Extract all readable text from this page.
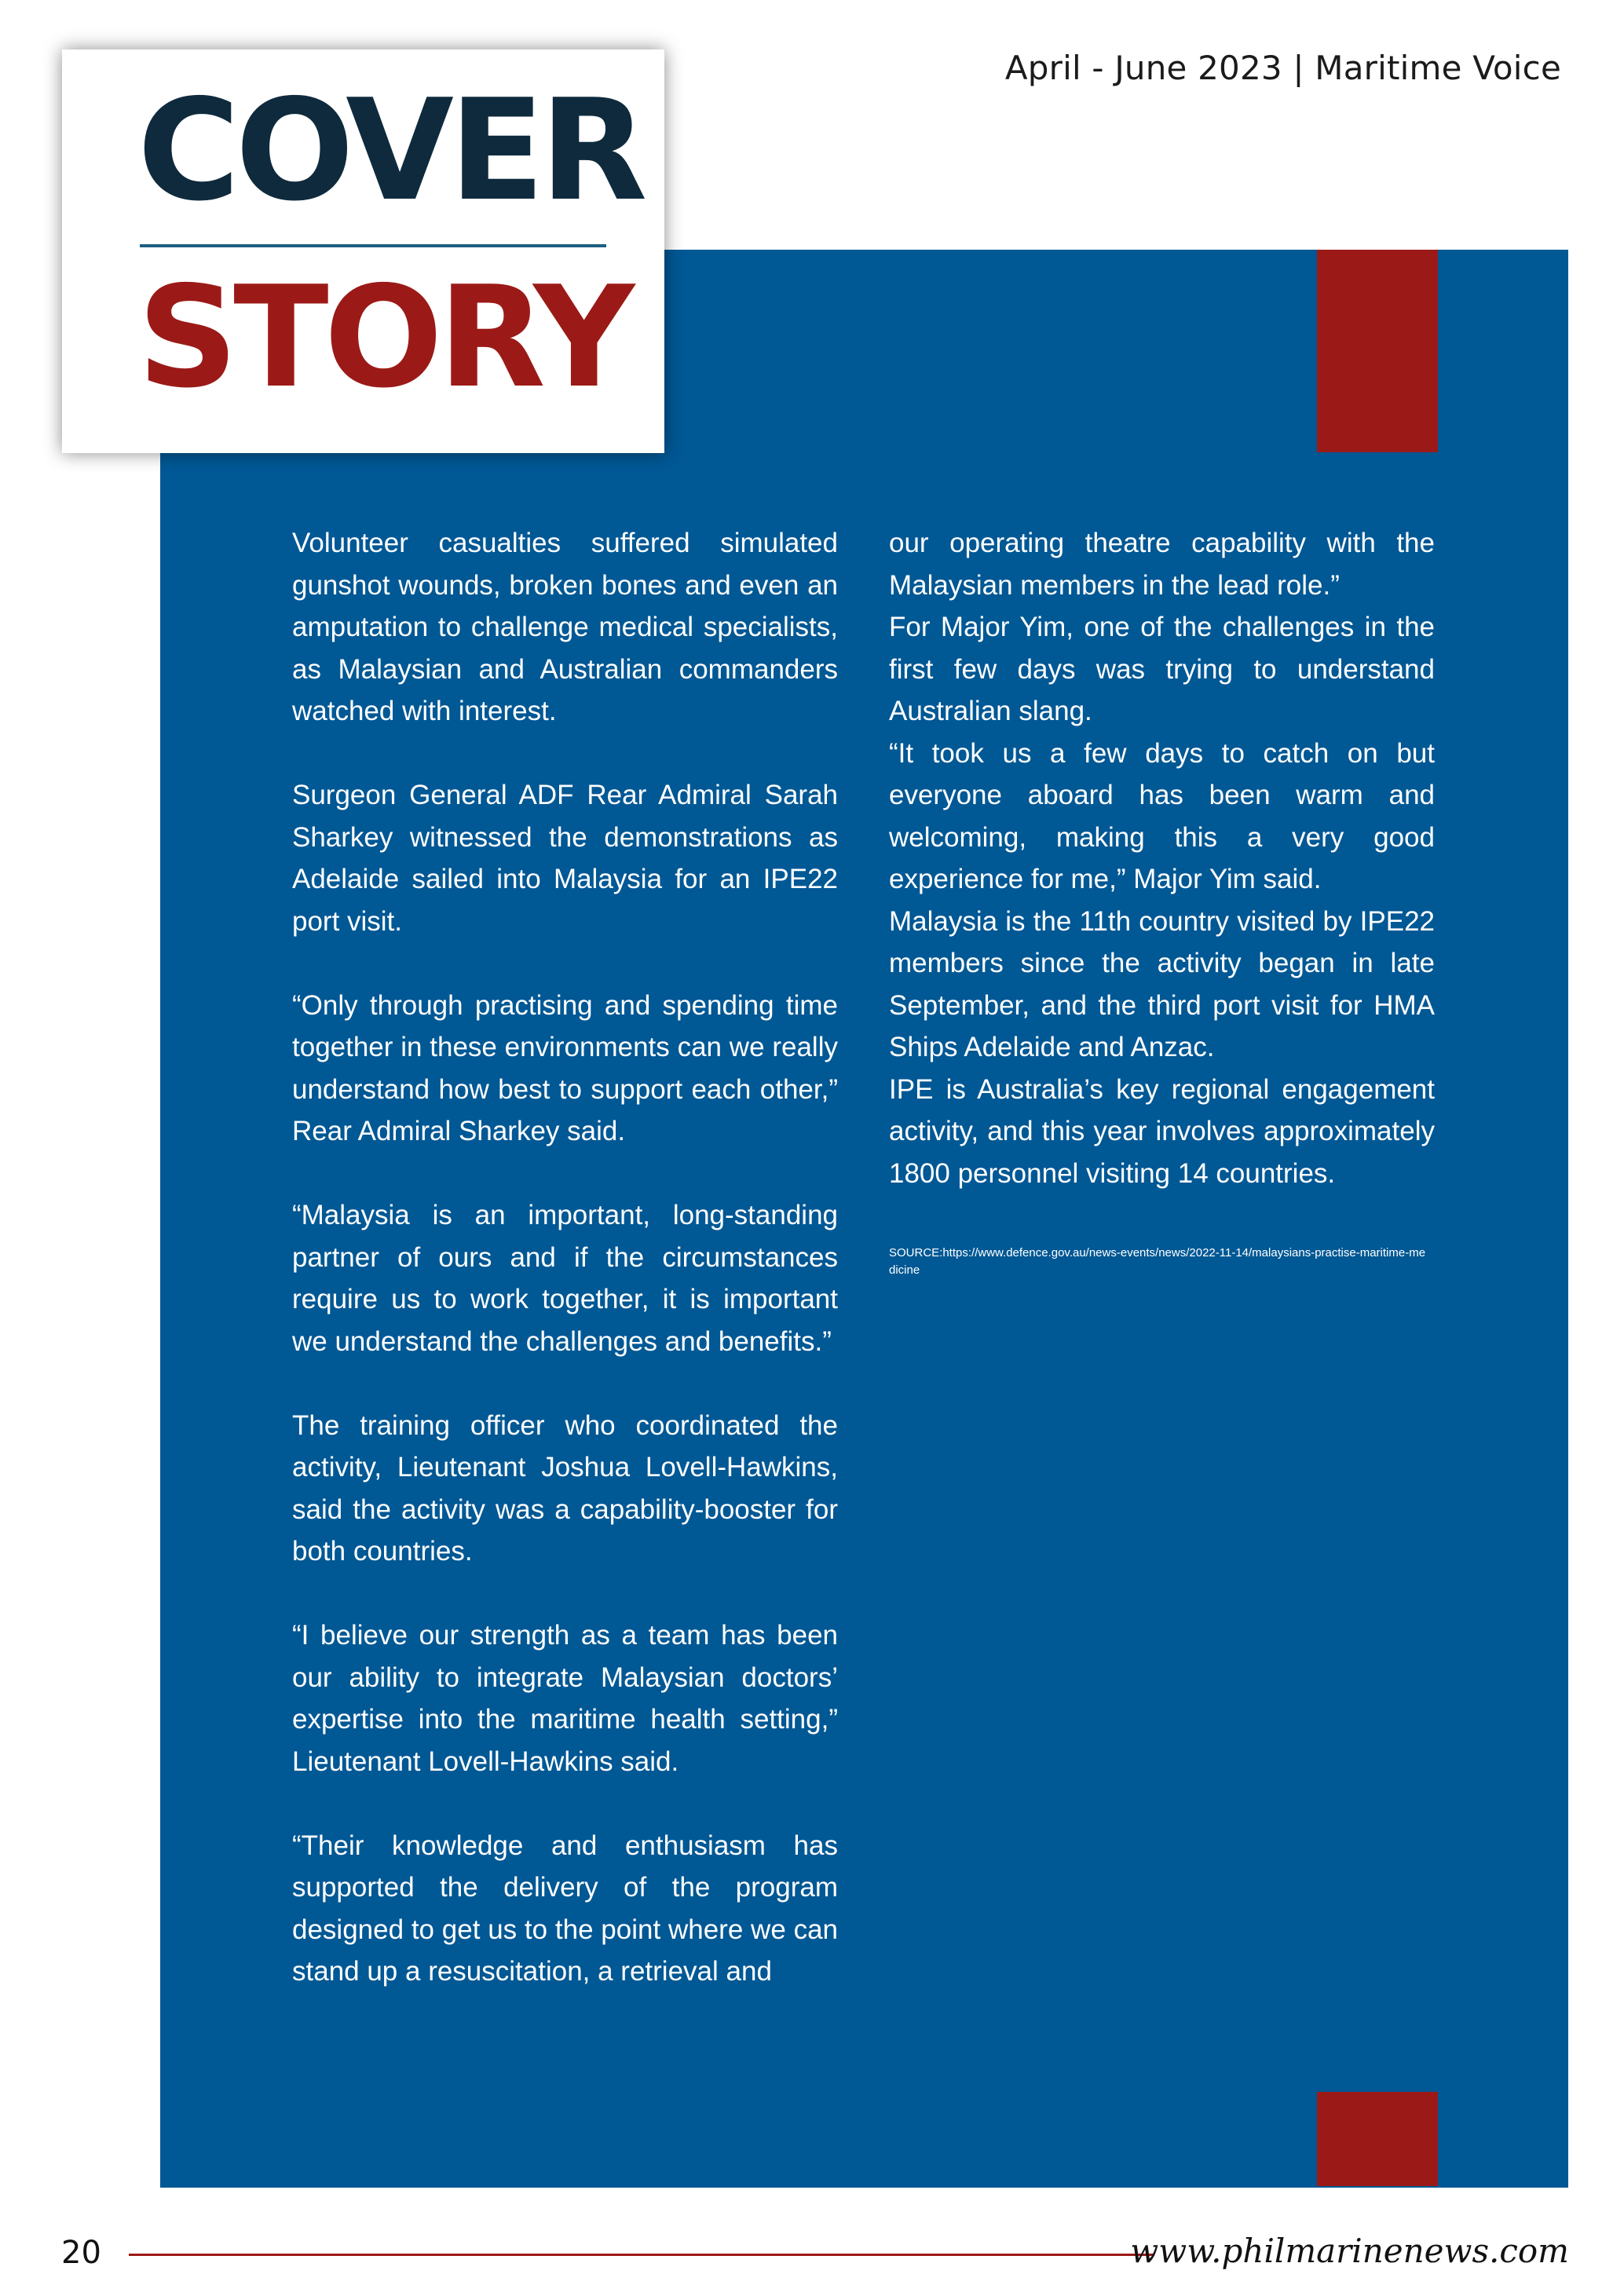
April - June 2023 | Maritime Voice
COVER
STORY

Volunteer casualties suffered simulated gunshot wounds, broken bones and even an amputation to challenge medical specialists, as Malaysian and Australian commanders watched with interest.

Surgeon General ADF Rear Admiral Sarah Sharkey witnessed the demonstrations as Adelaide sailed into Malaysia for an IPE22 port visit.

“Only through practising and spending time together in these environments can we really understand how best to support each other,” Rear Admiral Sharkey said.

“Malaysia is an important, long-standing partner of ours and if the circumstances require us to work together, it is important we understand the challenges and benefits.”

The training officer who coordinated the activity, Lieutenant Joshua Lovell-Hawkins, said the activity was a capability-booster for both countries.

“I believe our strength as a team has been our ability to integrate Malaysian doctors’ expertise into the maritime health setting,” Lieutenant Lovell-Hawkins said.

“Their knowledge and enthusiasm has supported the delivery of the program designed to get us to the point where we can stand up a resuscitation, a retrieval and

our operating theatre capability with the Malaysian members in the lead role.”

For Major Yim, one of the challenges in the first few days was trying to understand Australian slang.

“It took us a few days to catch on but everyone aboard has been warm and welcoming, making this a very good experience for me,” Major Yim said.

Malaysia is the 11th country visited by IPE22 members since the activity began in late September, and the third port visit for HMA Ships Adelaide and Anzac.

IPE is Australia’s key regional engagement activity, and this year involves approximately 1800 personnel visiting 14 countries.

SOURCE:https://www.defence.gov.au/news-events/news/2022-11-14/malaysians-practise-maritime-medicine

20	www.philmarinenews.com
